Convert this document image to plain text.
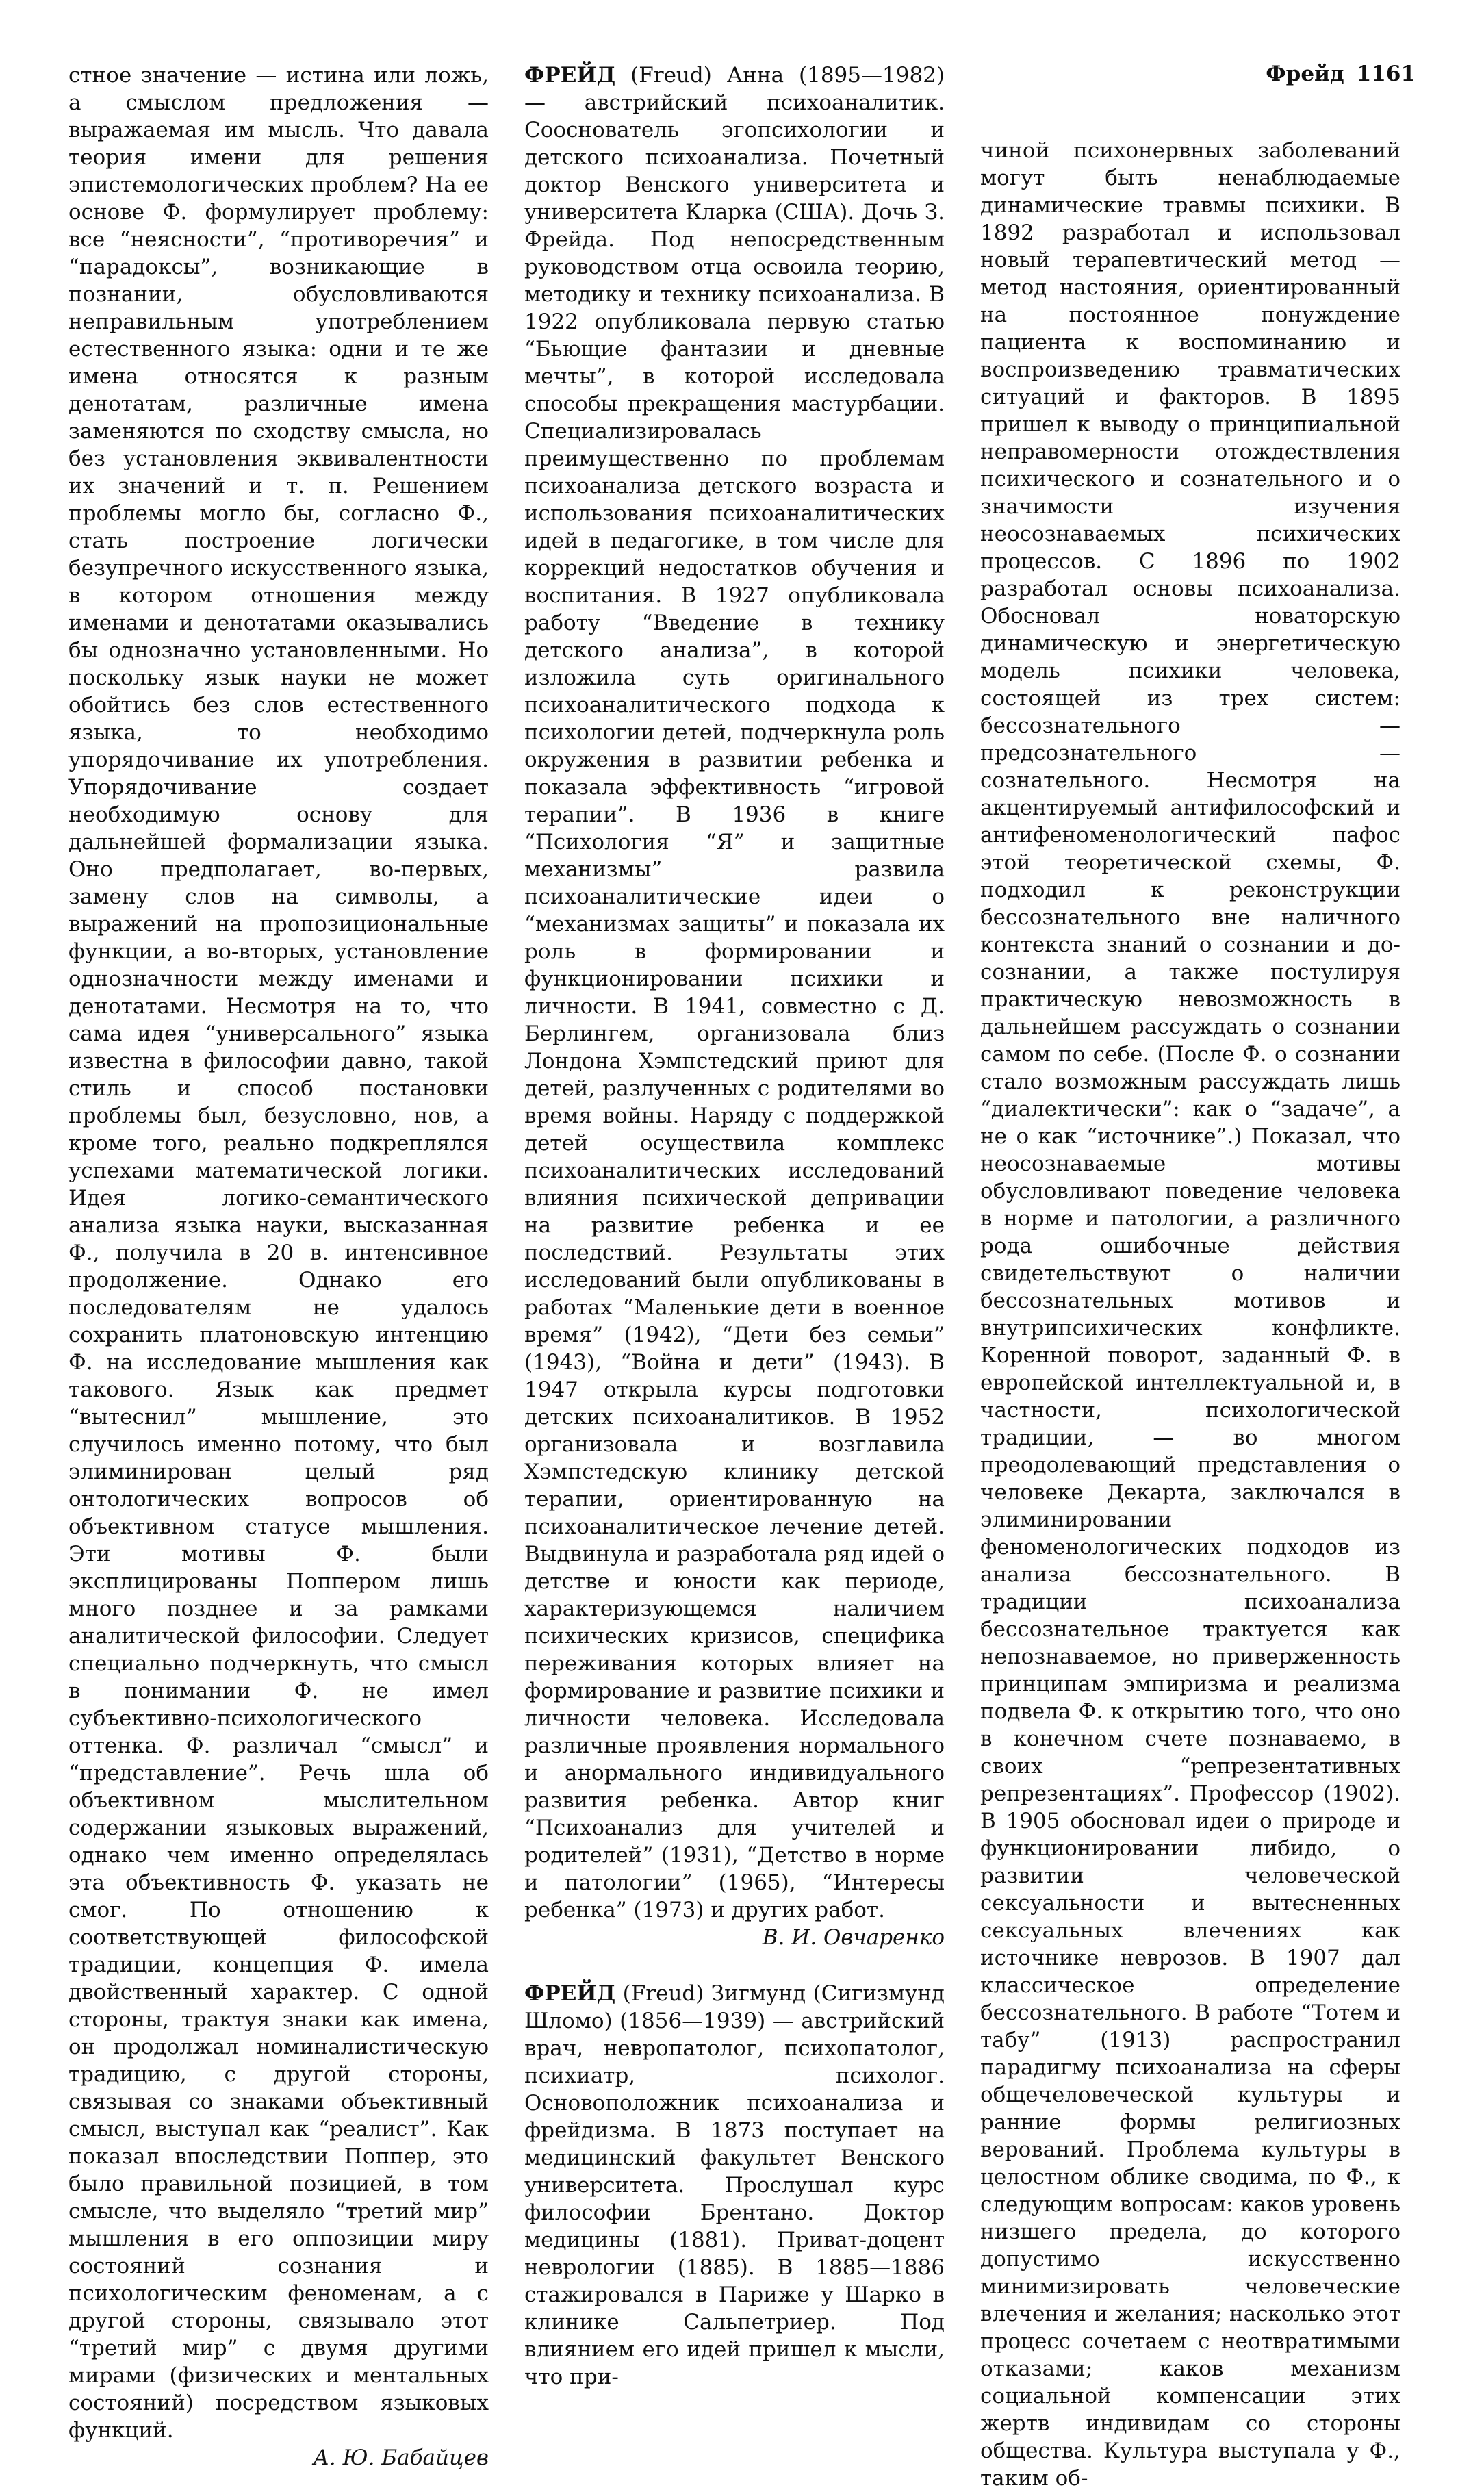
Фрейд 1161

стное значение — истина или ложь, а смыслом предложения — выражаемая им мысль. Что давала теория имени для решения эпистемологических проблем? На ее основе Ф. формулирует проблему: все “неясности”, “противоречия” и “парадоксы”, возникающие в познании, обусловливаются неправильным употреблением естественного языка: одни и те же имена относятся к разным денотатам, различные имена заменяются по сходству смысла, но без установления эквивалентности их значений и т. п. Решением проблемы могло бы, согласно Ф., стать построение логически безупречного искусственного языка, в котором отношения между именами и денотатами оказывались бы однозначно установленными. Но поскольку язык науки не может обойтись без слов естественного языка, то необходимо упорядочивание их употребления. Упорядочивание создает необходимую основу для дальнейшей формализации языка. Оно предполагает, во-первых, замену слов на символы, а выражений на пропозициональные функции, а во-вторых, установление однозначности между именами и денотатами. Несмотря на то, что сама идея “универсального” языка известна в философии давно, такой стиль и способ постановки проблемы был, безусловно, нов, а кроме того, реально подкреплялся успехами математической логики. Идея логико-семантического анализа языка науки, высказанная Ф., получила в 20 в. интенсивное продолжение. Однако его последователям не удалось сохранить платоновскую интенцию Ф. на исследование мышления как такового. Язык как предмет “вытеснил” мышление, это случилось именно потому, что был элиминирован целый ряд онтологических вопросов об объективном статусе мышления. Эти мотивы Ф. были эксплицированы Поппером лишь много позднее и за рамками аналитической философии. Следует специально подчеркнуть, что смысл в понимании Ф. не имел субъективно-психологического оттенка. Ф. различал “смысл” и “представление”. Речь шла об объективном мыслительном содержании языковых выражений, однако чем именно определялась эта объективность Ф. указать не смог. По отношению к соответствующей философской традиции, концепция Ф. имела двойственный характер. С одной стороны, трактуя знаки как имена, он продолжал номиналистическую традицию, с другой стороны, связывая со знаками объективный смысл, выступал как “реалист”. Как показал впоследствии Поппер, это было правильной позицией, в том смысле, что выделяло “третий мир” мышления в его оппозиции миру состояний сознания и психологическим феноменам, а с другой стороны, связывало этот “третий мир” с двумя другими мирами (физических и ментальных состояний) посредством языковых функций.

А. Ю. Бабайцев

ФРЕЙД (Freud) Анна (1895—1982) — австрийский психоаналитик. Сооснователь эгопсихологии и детского психоанализа. Почетный доктор Венского университета и университета Кларка (США). Дочь З. Фрейда. Под непосредственным руководством отца освоила теорию, методику и технику психоанализа. В 1922 опубликовала первую статью “Бьющие фантазии и дневные мечты”, в которой исследовала способы прекращения мастурбации. Специализировалась преимущественно по проблемам психоанализа детского возраста и использования психоаналитических идей в педагогике, в том числе для коррекций недостатков обучения и воспитания. В 1927 опубликовала работу “Введение в технику детского анализа”, в которой изложила суть оригинального психоаналитического подхода к психологии детей, подчеркнула роль окружения в развитии ребенка и показала эффективность “игровой терапии”. В 1936 в книге “Психология “Я” и защитные механизмы” развила психоаналитические идеи о “механизмах защиты” и показала их роль в формировании и функционировании психики и личности. В 1941, совместно с Д. Берлингем, организовала близ Лондона Хэмпстедский приют для детей, разлученных с родителями во время войны. Наряду с поддержкой детей осуществила комплекс психоаналитических исследований влияния психической депривации на развитие ребенка и ее последствий. Результаты этих исследований были опубликованы в работах “Маленькие дети в военное время” (1942), “Дети без семьи” (1943), “Война и дети” (1943). В 1947 открыла курсы подготовки детских психоаналитиков. В 1952 организовала и возглавила Хэмпстедскую клинику детской терапии, ориентированную на психоаналитическое лечение детей. Выдвинула и разработала ряд идей о детстве и юности как периоде, характеризующемся наличием психических кризисов, специфика переживания которых влияет на формирование и развитие психики и личности человека. Исследовала различные проявления нормального и анормального индивидуального развития ребенка. Автор книг “Психоанализ для учителей и родителей” (1931), “Детство в норме и патологии” (1965), “Интересы ребенка” (1973) и других работ.

В. И. Овчаренко

ФРЕЙД (Freud) Зигмунд (Сигизмунд Шломо) (1856—1939) — австрийский врач, невропатолог, психопатолог, психиатр, психолог. Основоположник психоанализа и фрейдизма. В 1873 поступает на медицинский факультет Венского университета. Прослушал курс философии Брентано. Доктор медицины (1881). Приват-доцент неврологии (1885). В 1885—1886 стажировался в Париже у Шарко в клинике Сальпетриер. Под влиянием его идей пришел к мысли, что при-

чиной психонервных заболеваний могут быть ненаблюдаемые динамические травмы психики. В 1892 разработал и использовал новый терапевтический метод — метод настояния, ориентированный на постоянное понуждение пациента к воспоминанию и воспроизведению травматических ситуаций и факторов. В 1895 пришел к выводу о принципиальной неправомерности отождествления психического и сознательного и о значимости изучения неосознаваемых психических процессов. С 1896 по 1902 разработал основы психоанализа. Обосновал новаторскую динамическую и энергетическую модель психики человека, состоящей из трех систем: бессознательного — предсознательного — сознательного. Несмотря на акцентируемый антифилософский и антифеноменологический пафос этой теоретической схемы, Ф. подходил к реконструкции бессознательного вне наличного контекста знаний о сознании и до-сознании, а также постулируя практическую невозможность в дальнейшем рассуждать о сознании самом по себе. (После Ф. о сознании стало возможным рассуждать лишь “диалектически”: как о “задаче”, а не о как “источнике”.) Показал, что неосознаваемые мотивы обусловливают поведение человека в норме и патологии, а различного рода ошибочные действия свидетельствуют о наличии бессознательных мотивов и внутрипсихических конфликте. Коренной поворот, заданный Ф. в европейской интеллектуальной и, в частности, психологической традиции, — во многом преодолевающий представления о человеке Декарта, заключался в элиминировании феноменологических подходов из анализа бессознательного. В традиции психоанализа бессознательное трактуется как непознаваемое, но приверженность принципам эмпиризма и реализма подвела Ф. к открытию того, что оно в конечном счете познаваемо, в своих “репрезентативных репрезентациях”. Профессор (1902). В 1905 обосновал идеи о природе и функционировании либидо, о развитии человеческой сексуальности и вытесненных сексуальных влечениях как источнике неврозов. В 1907 дал классическое определение бессознательного. В работе “Тотем и табу” (1913) распространил парадигму психоанализа на сферы общечеловеческой культуры и ранние формы религиозных верований. Проблема культуры в целостном облике сводима, по Ф., к следующим вопросам: каков уровень низшего предела, до которого допустимо искусственно минимизировать человеческие влечения и желания; насколько этот процесс сочетаем с неотвратимыми отказами; каков механизм социальной компенсации этих жертв индивидам со стороны общества. Культура выступала у Ф., таким об-
